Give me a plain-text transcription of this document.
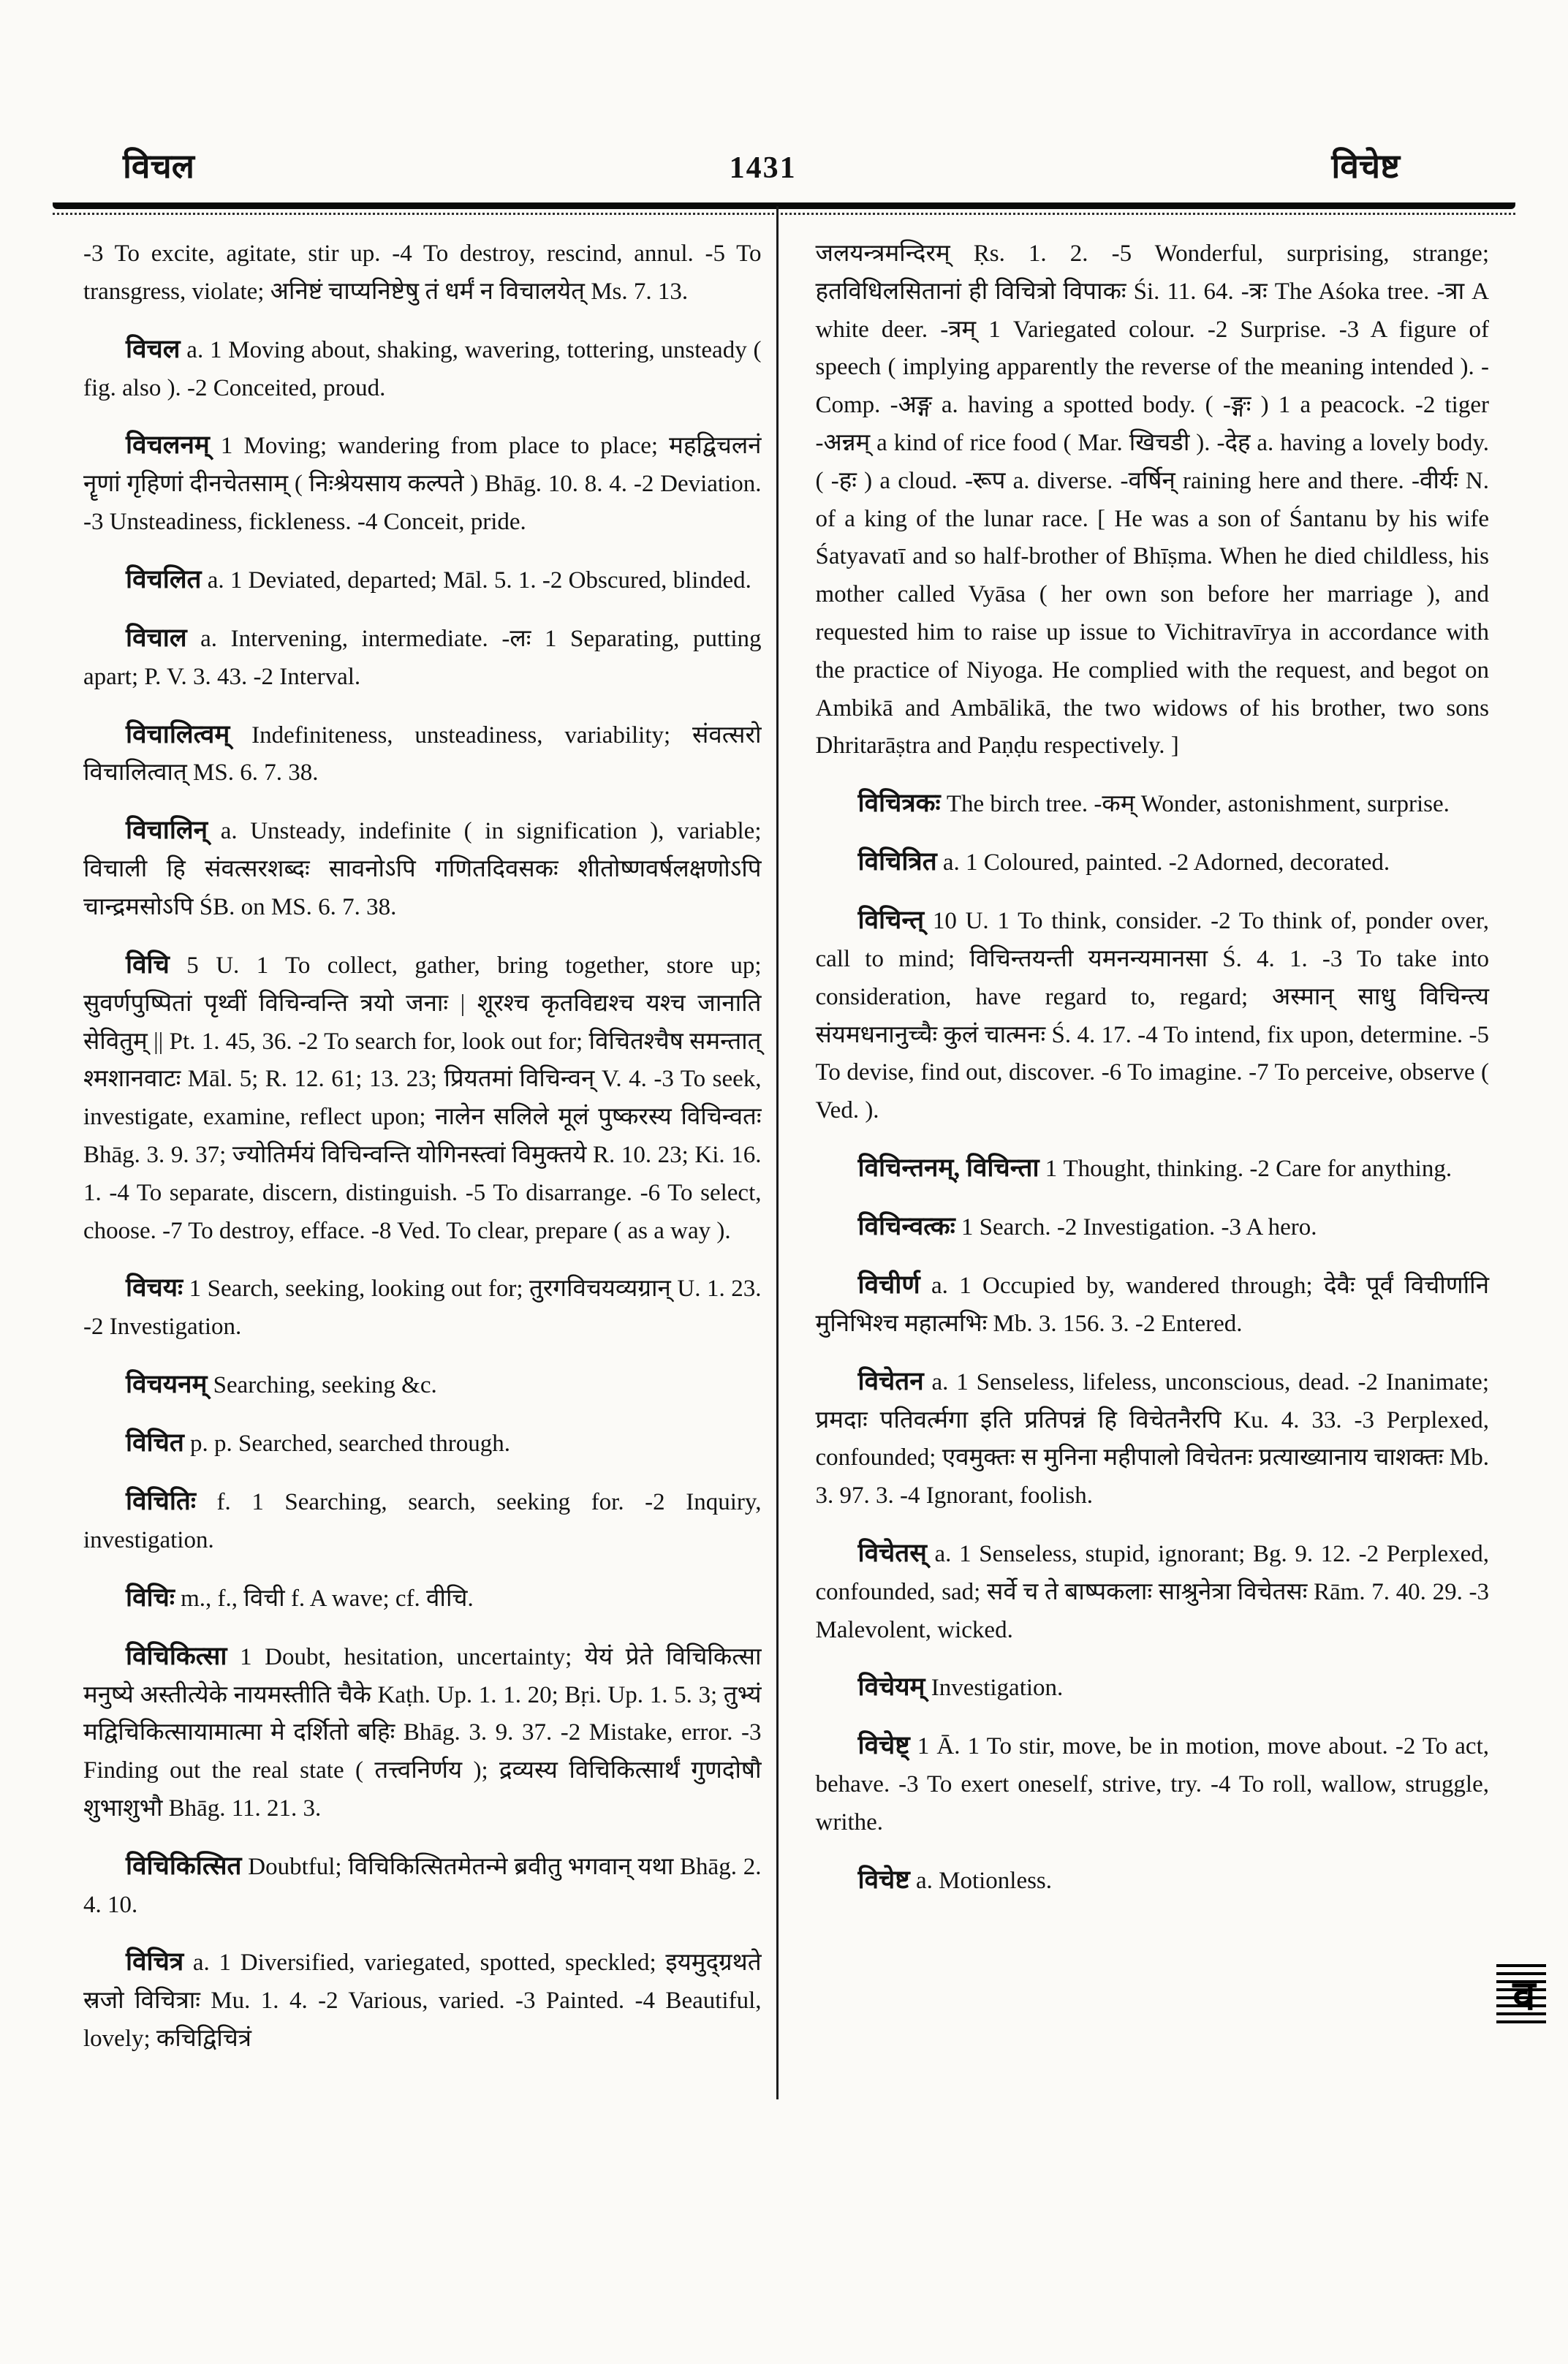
विचल	1431	विचेष्ट

-3 To excite, agitate, stir up. -4 To destroy, rescind, annul. -5 To transgress, violate; अनिष्टं चाप्यनिष्टेषु तं धर्मं न विचालयेत् Ms. 7. 13.

विचल a. 1 Moving about, shaking, wavering, tottering, unsteady ( fig. also ). -2 Conceited, proud.

विचलनम् 1 Moving; wandering from place to place; महद्विचलनं नॄणां गृहिणां दीनचेतसाम् ( निःश्रेयसाय कल्पते ) Bhāg. 10. 8. 4. -2 Deviation. -3 Unsteadiness, fickleness. -4 Conceit, pride.

विचलित a. 1 Deviated, departed; Māl. 5. 1. -2 Obscured, blinded.

विचाल a. Intervening, intermediate. -लः 1 Separating, putting apart; P. V. 3. 43. -2 Interval.

विचालित्वम् Indefiniteness, unsteadiness, variability; संवत्सरो विचालित्वात् MS. 6. 7. 38.

विचालिन् a. Unsteady, indefinite ( in signification ), variable; विचाली हि संवत्सरशब्दः सावनोऽपि गणितदिवसकः शीतोष्णवर्षलक्षणोऽपि चान्द्रमसोऽपि ŚB. on MS. 6. 7. 38.

विचि 5 U. 1 To collect, gather, bring together, store up; सुवर्णपुष्पितां पृथ्वीं विचिन्वन्ति त्रयो जनाः | शूरश्च कृतविद्यश्च यश्च जानाति सेवितुम् || Pt. 1. 45, 36. -2 To search for, look out for; विचितश्चैष समन्तात् श्मशानवाटः Māl. 5; R. 12. 61; 13. 23; प्रियतमां विचिन्वन् V. 4. -3 To seek, investigate, examine, reflect upon; नालेन सलिले मूलं पुष्करस्य विचिन्वतः Bhāg. 3. 9. 37; ज्योतिर्मयं विचिन्वन्ति योगिनस्त्वां विमुक्तये R. 10. 23; Ki. 16. 1. -4 To separate, discern, distinguish. -5 To disarrange. -6 To select, choose. -7 To destroy, efface. -8 Ved. To clear, prepare ( as a way ).

विचयः 1 Search, seeking, looking out for; तुरगविचयव्यग्रान् U. 1. 23. -2 Investigation.

विचयनम् Searching, seeking &c.

विचित p. p. Searched, searched through.

विचितिः f. 1 Searching, search, seeking for. -2 Inquiry, investigation.

विचिः m., f., विची f. A wave; cf. वीचि.

विचिकित्सा 1 Doubt, hesitation, uncertainty; येयं प्रेते विचिकित्सा मनुष्ये अस्तीत्येके नायमस्तीति चैके Kaṭh. Up. 1. 1. 20; Bṛi. Up. 1. 5. 3; तुभ्यं मद्विचिकित्सायामात्मा मे दर्शितो बहिः Bhāg. 3. 9. 37. -2 Mistake, error. -3 Finding out the real state ( तत्त्वनिर्णय ); द्रव्यस्य विचिकित्सार्थं गुणदोषौ शुभाशुभौ Bhāg. 11. 21. 3.

विचिकित्सित Doubtful; विचिकित्सितमेतन्मे ब्रवीतु भगवान् यथा Bhāg. 2. 4. 10.

विचित्र a. 1 Diversified, variegated, spotted, speckled; इयमुद्ग्रथते स्रजो विचित्राः Mu. 1. 4. -2 Various, varied. -3 Painted. -4 Beautiful, lovely; कचिद्विचित्रं

जलयन्त्रमन्दिरम् Ṛs. 1. 2. -5 Wonderful, surprising, strange; हतविधिलसितानां ही विचित्रो विपाकः Śi. 11. 64. -त्रः The Aśoka tree. -त्रा A white deer. -त्रम् 1 Variegated colour. -2 Surprise. -3 A figure of speech ( implying apparently the reverse of the meaning intended ). -Comp. -अङ्ग a. having a spotted body. ( -ङ्गः ) 1 a peacock. -2 tiger -अन्नम् a kind of rice food ( Mar. खिचडी ). -देह a. having a lovely body. ( -हः ) a cloud. -रूप a. diverse. -वर्षिन् raining here and there. -वीर्यः N. of a king of the lunar race. [ He was a son of Śantanu by his wife Śatyavatī and so half-brother of Bhīṣma. When he died childless, his mother called Vyāsa ( her own son before her marriage ), and requested him to raise up issue to Vichitravīrya in accordance with the practice of Niyoga. He complied with the request, and begot on Ambikā and Ambālikā, the two widows of his brother, two sons Dhritarāṣtra and Paṇḍu respectively. ]

विचित्रकः The birch tree. -कम् Wonder, astonishment, surprise.

विचित्रित a. 1 Coloured, painted. -2 Adorned, decorated.

विचिन्त् 10 U. 1 To think, consider. -2 To think of, ponder over, call to mind; विचिन्तयन्ती यमनन्यमानसा Ś. 4. 1. -3 To take into consideration, have regard to, regard; अस्मान् साधु विचिन्त्य संयमधनानुच्चैः कुलं चात्मनः Ś. 4. 17. -4 To intend, fix upon, determine. -5 To devise, find out, discover. -6 To imagine. -7 To perceive, observe ( Ved. ).

विचिन्तनम्, विचिन्ता 1 Thought, thinking. -2 Care for anything.

विचिन्वत्कः 1 Search. -2 Investigation. -3 A hero.

विचीर्ण a. 1 Occupied by, wandered through; देवैः पूर्वं विचीर्णानि मुनिभिश्च महात्मभिः Mb. 3. 156. 3. -2 Entered.

विचेतन a. 1 Senseless, lifeless, unconscious, dead. -2 Inanimate; प्रमदाः पतिवर्त्मगा इति प्रतिपन्नं हि विचेतनैरपि Ku. 4. 33. -3 Perplexed, confounded; एवमुक्तः स मुनिना महीपालो विचेतनः प्रत्याख्यानाय चाशक्तः Mb. 3. 97. 3. -4 Ignorant, foolish.

विचेतस् a. 1 Senseless, stupid, ignorant; Bg. 9. 12. -2 Perplexed, confounded, sad; सर्वे च ते बाष्पकलाः साश्रुनेत्रा विचेतसः Rām. 7. 40. 29. -3 Malevolent, wicked.

विचेयम् Investigation.

विचेष्ट् 1 Ā. 1 To stir, move, be in motion, move about. -2 To act, behave. -3 To exert oneself, strive, try. -4 To roll, wallow, struggle, writhe.

विचेष्ट a. Motionless.

व
